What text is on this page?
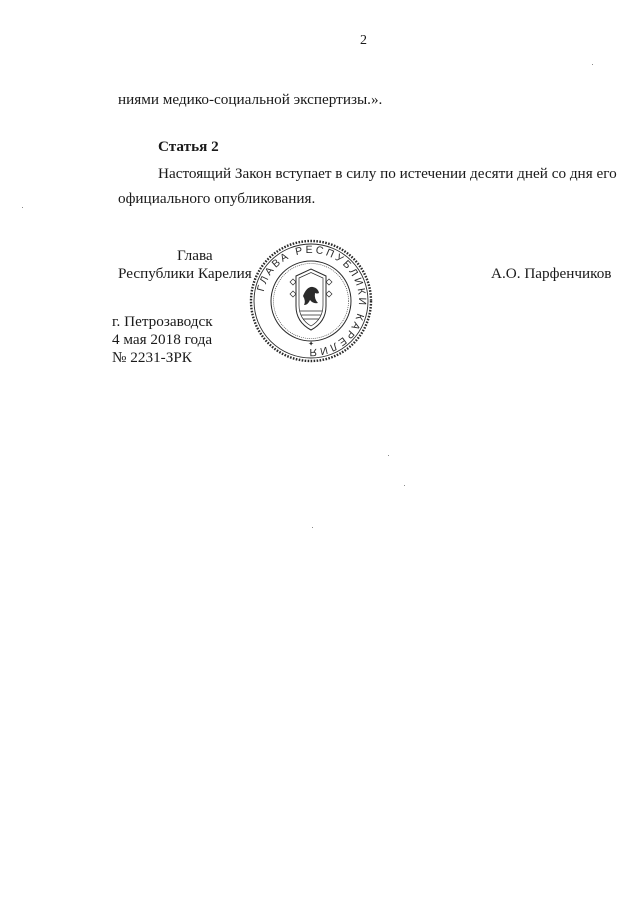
2

ниями медико-социальной экспертизы.».

Статья 2

Настоящий Закон вступает в силу по истечении десяти дней со дня его

официального опубликования.

Глава

Республики Карелия	А.О. Парфенчиков

ГЛАВА РЕСПУБЛИКИ КАРЕЛИЯ
✦

г. Петрозаводск

4 мая 2018 года

№ 2231-ЗРК
